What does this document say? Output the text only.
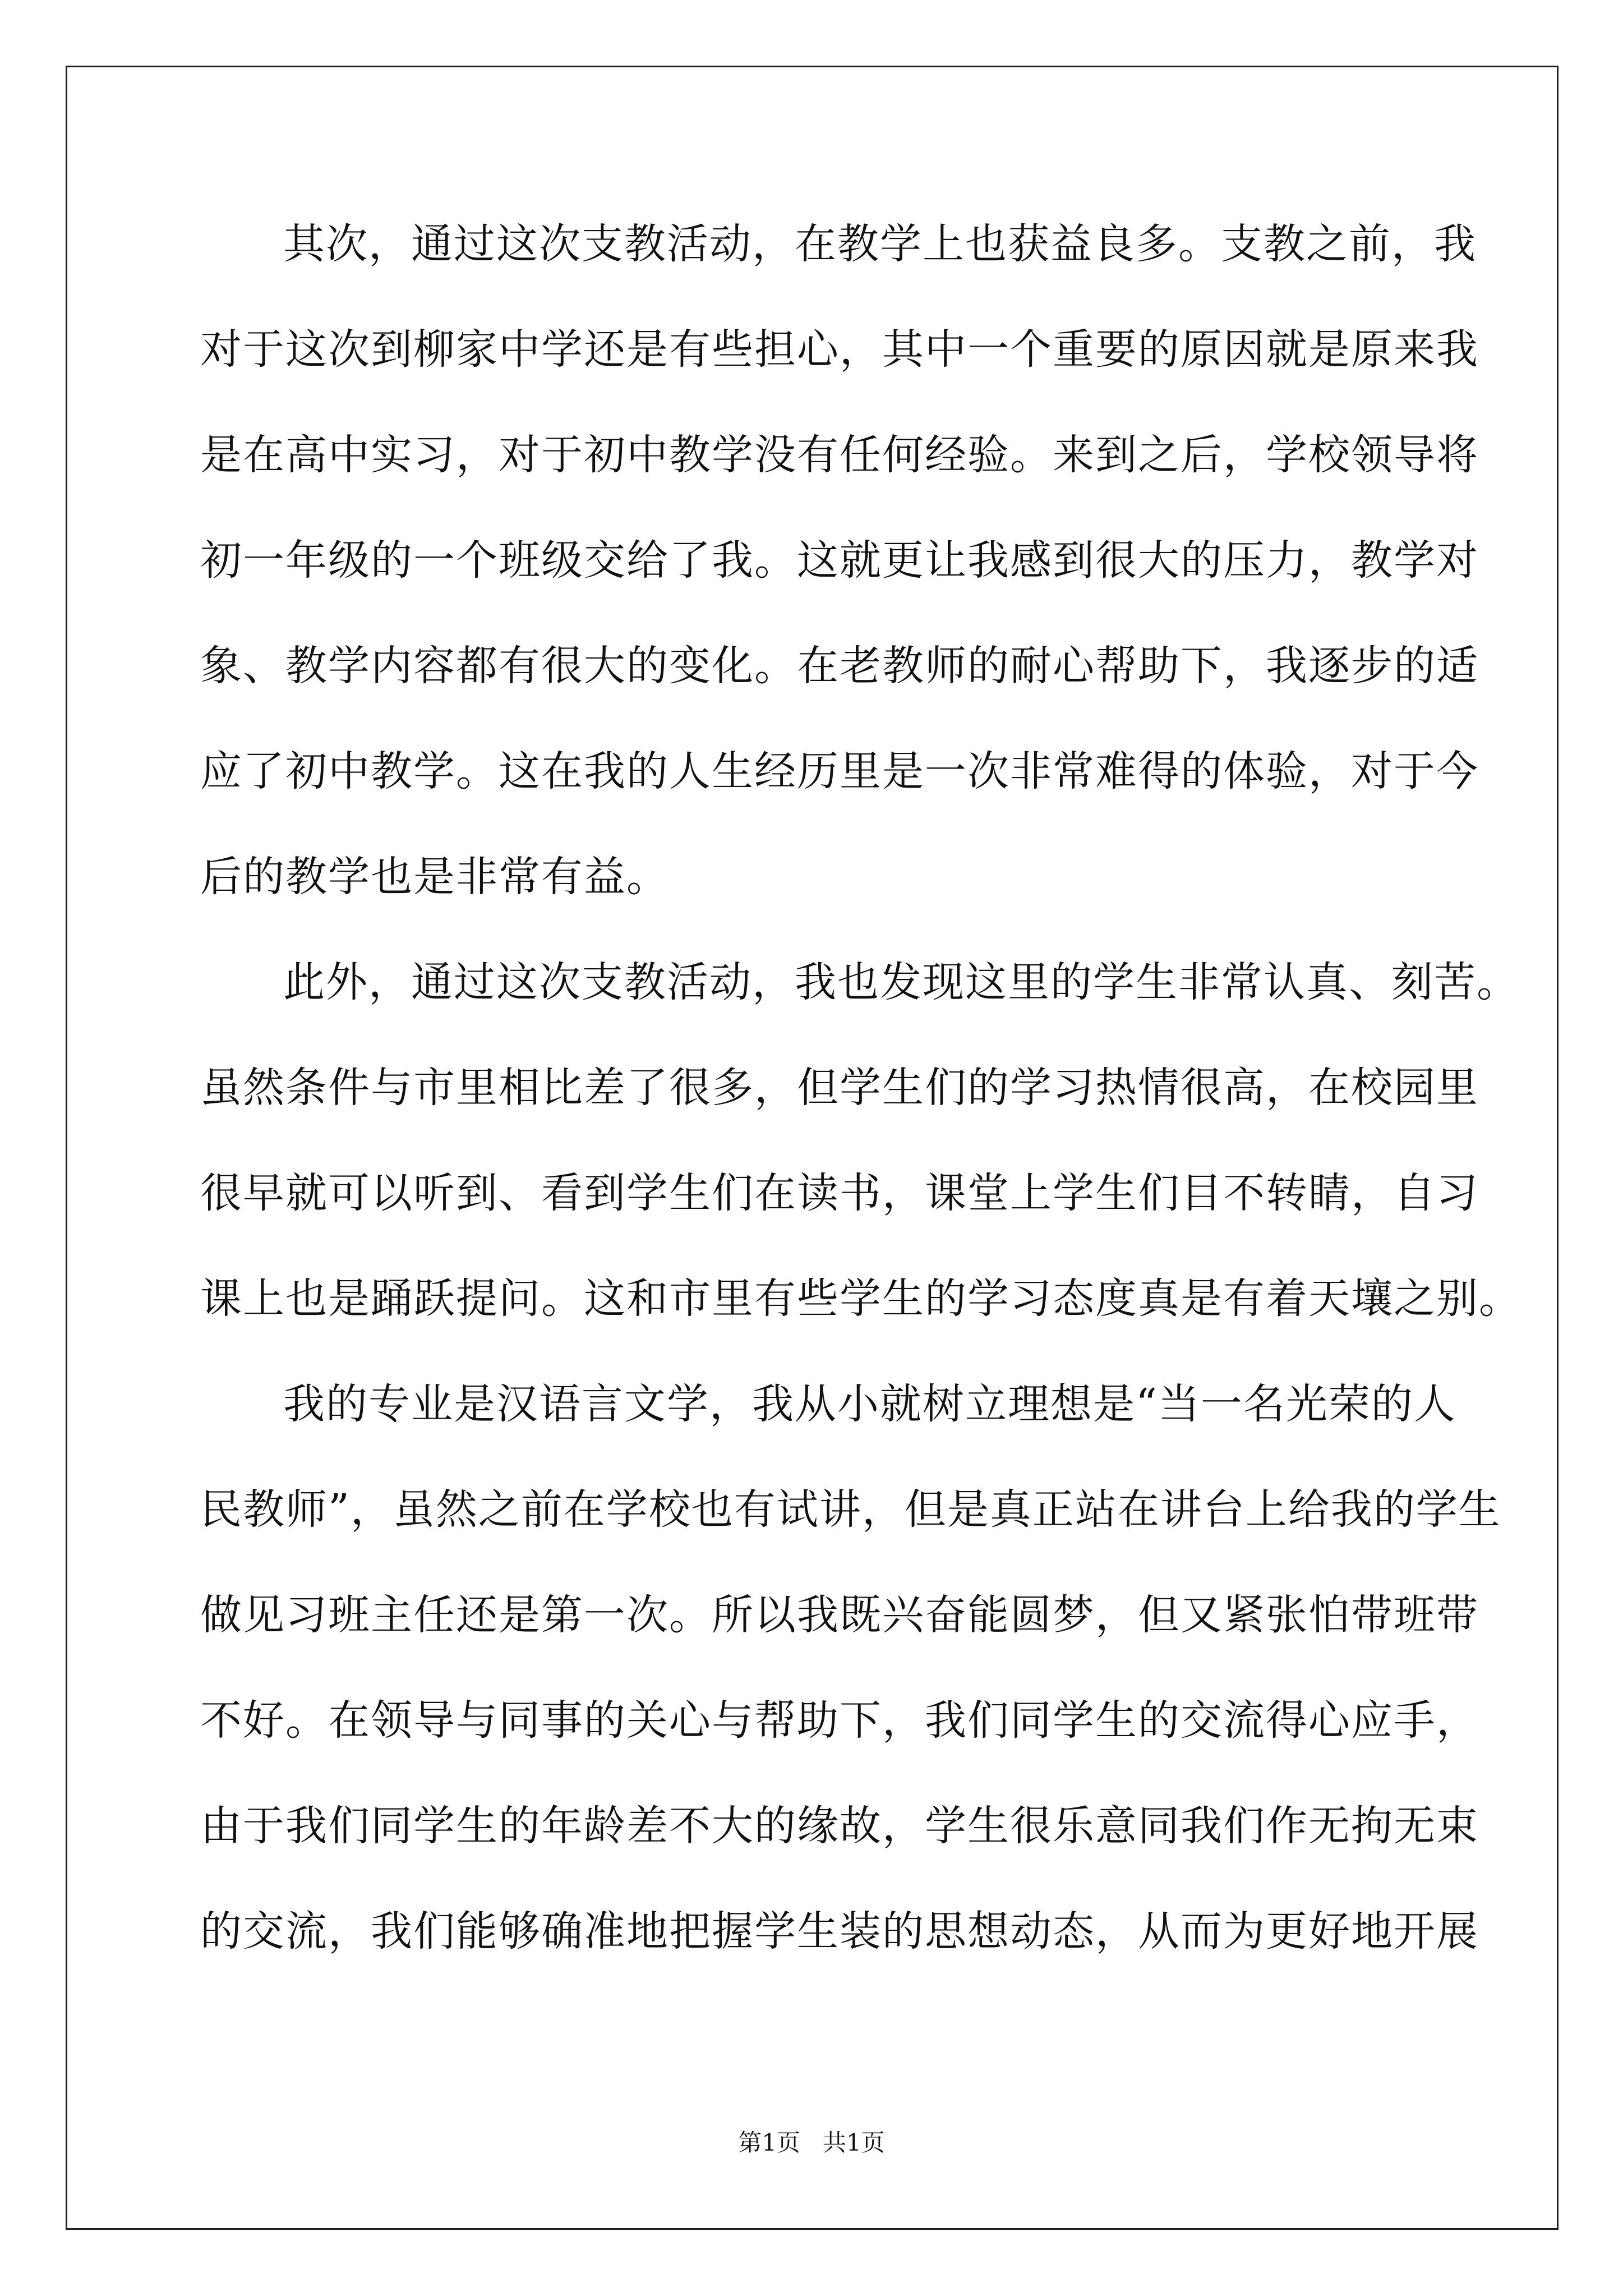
其次，通过这次支教活动，在教学上也获益良多。支教之前，我
对于这次到柳家中学还是有些担心，其中一个重要的原因就是原来我
是在高中实习，对于初中教学没有任何经验。来到之后，学校领导将
初一年级的一个班级交给了我。这就更让我感到很大的压力，教学对
象、教学内容都有很大的变化。在老教师的耐心帮助下，我逐步的适
应了初中教学。这在我的人生经历里是一次非常难得的体验，对于今
后的教学也是非常有益。
此外，通过这次支教活动，我也发现这里的学生非常认真、刻苦。
虽然条件与市里相比差了很多，但学生们的学习热情很高，在校园里
很早就可以听到、看到学生们在读书，课堂上学生们目不转睛，自习
课上也是踊跃提问。这和市里有些学生的学习态度真是有着天壤之别。
我的专业是汉语言文学，我从小就树立理想是“当一名光荣的人
民教师”，虽然之前在学校也有试讲，但是真正站在讲台上给我的学生
做见习班主任还是第一次。所以我既兴奋能圆梦，但又紧张怕带班带
不好。在领导与同事的关心与帮助下，我们同学生的交流得心应手，
由于我们同学生的年龄差不大的缘故，学生很乐意同我们作无拘无束
的交流，我们能够确准地把握学生装的思想动态，从而为更好地开展
第1页   共1页
